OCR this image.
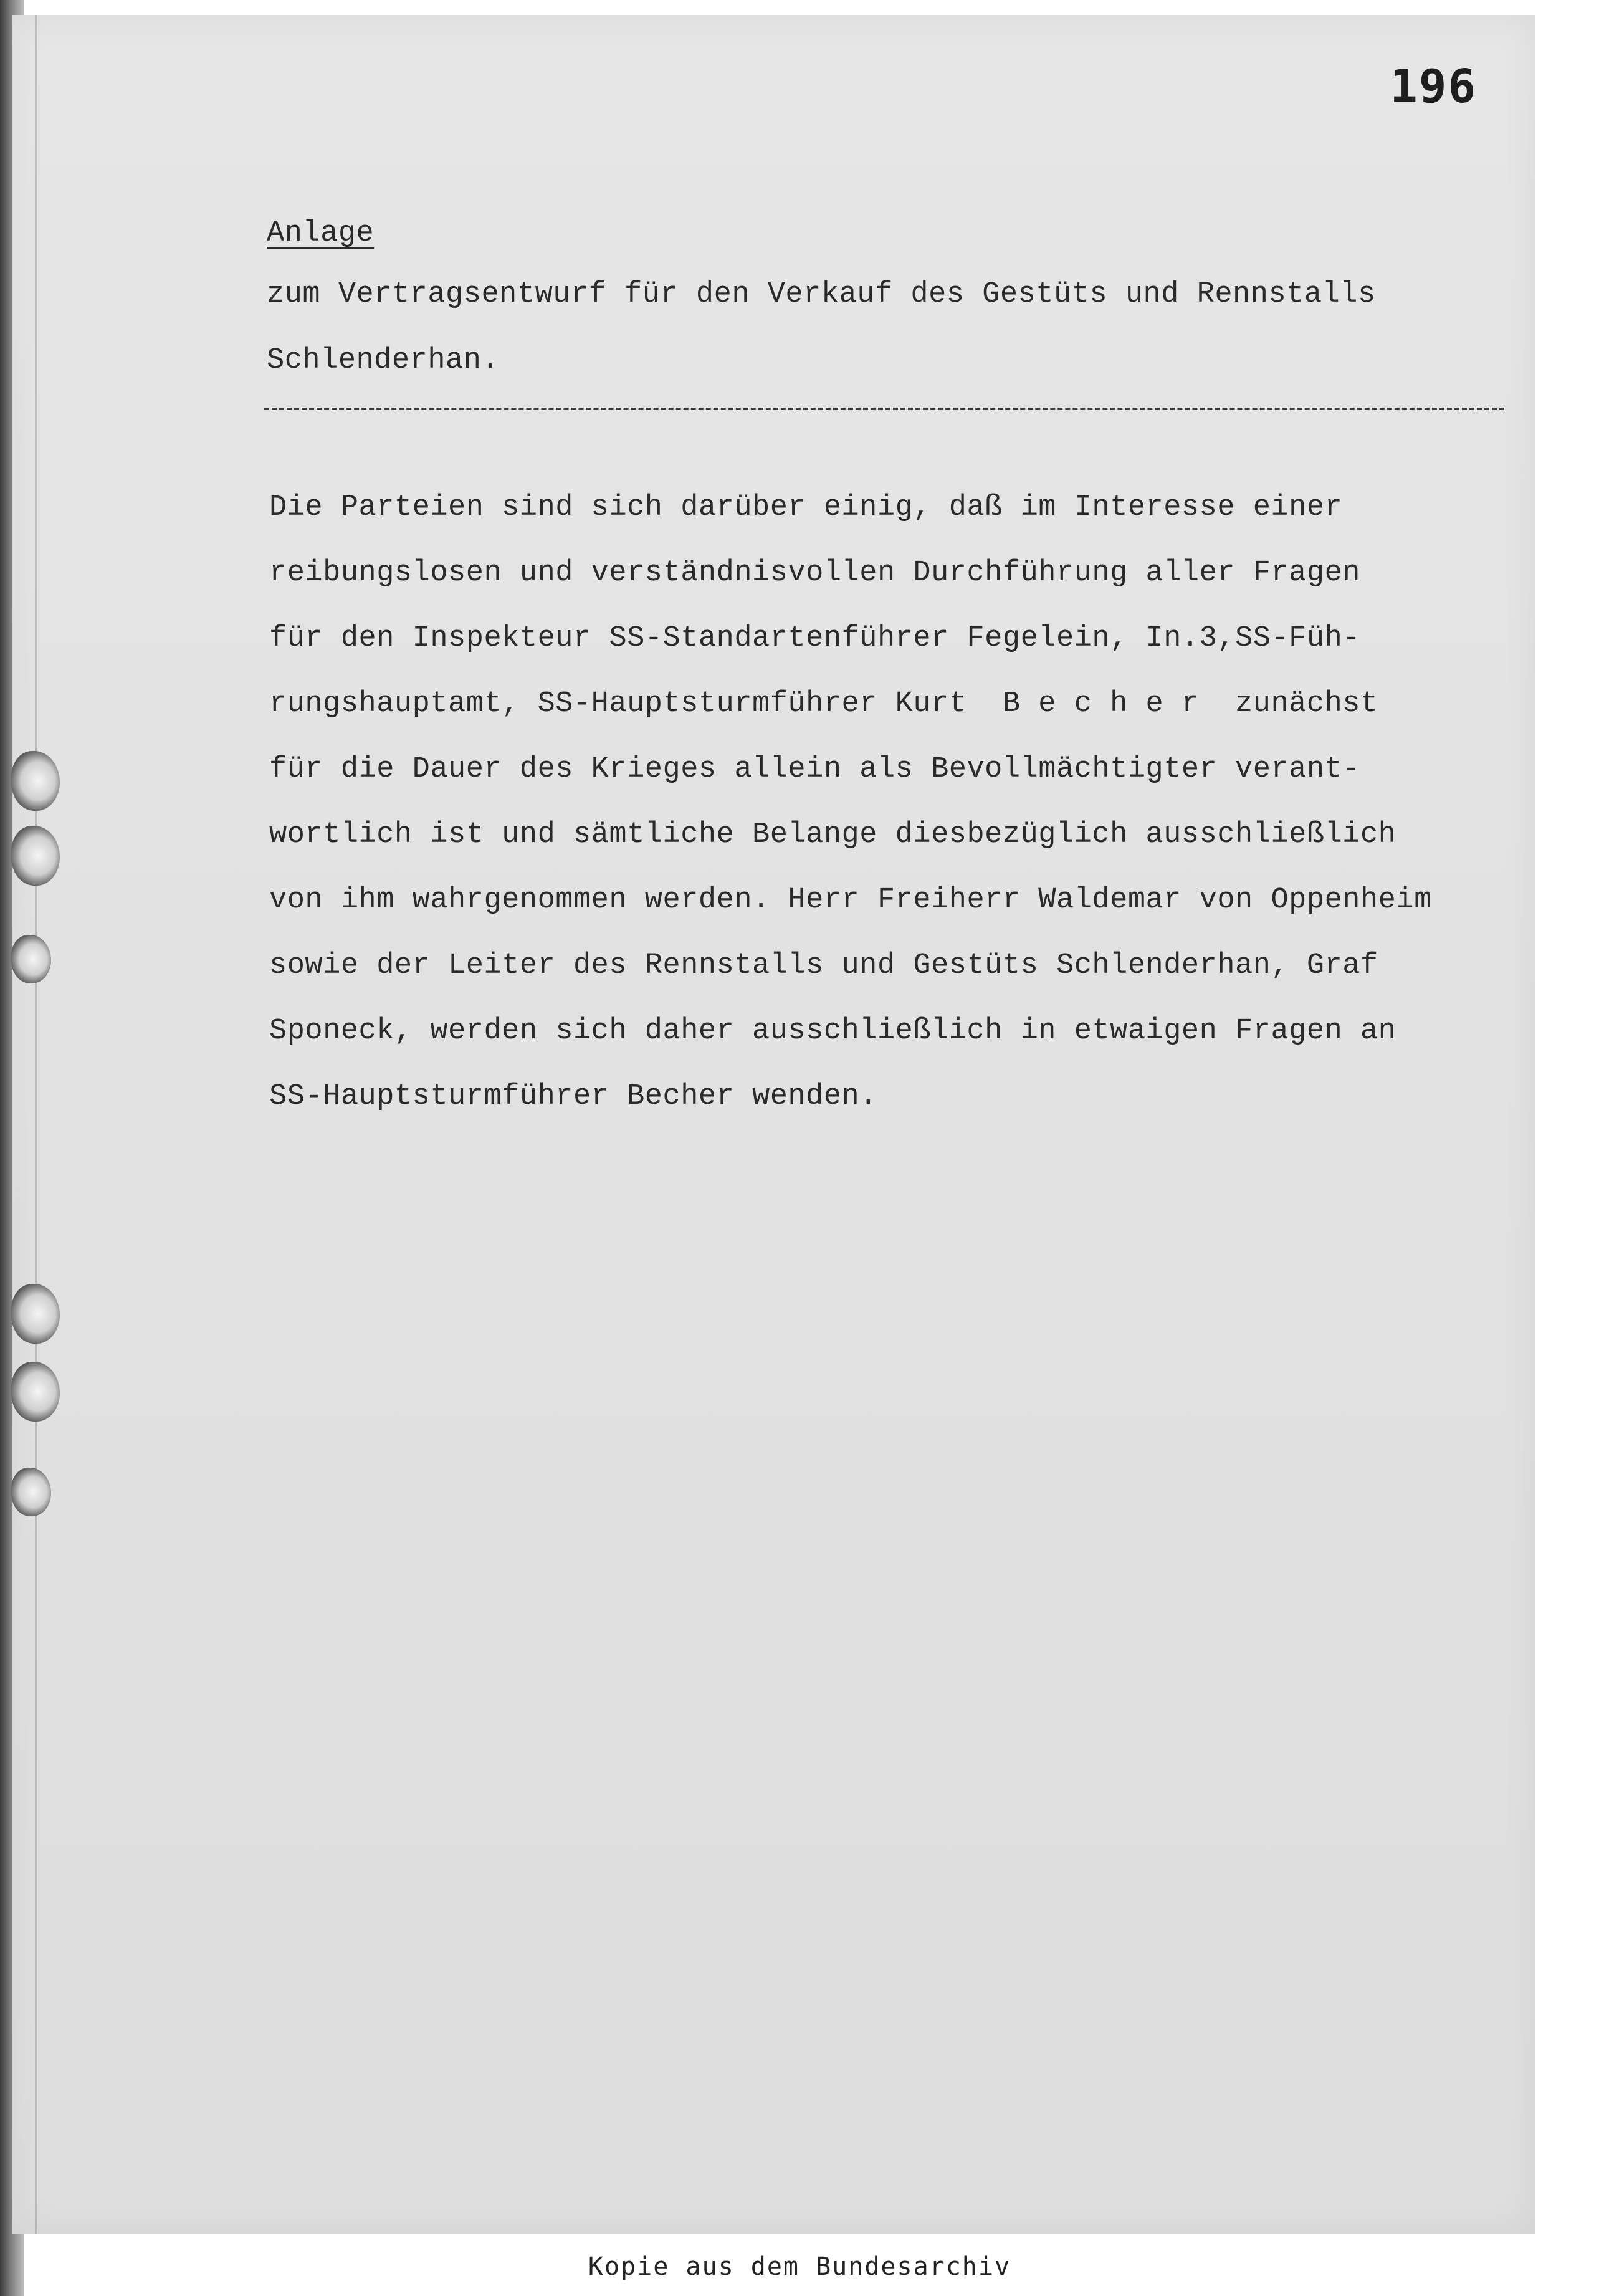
196
Anlage
zum Vertragsentwurf für den Verkauf des Gestüts und Rennstalls
Schlenderhan.
Die Parteien sind sich darüber einig, daß im Interesse einer
reibungslosen und verständnisvollen Durchführung aller Fragen
für den Inspekteur SS-Standartenführer Fegelein, In.3,SS-Füh-
rungshauptamt, SS-Hauptsturmführer Kurt  B e c h e r  zunächst
für die Dauer des Krieges allein als Bevollmächtigter verant-
wortlich ist und sämtliche Belange diesbezüglich ausschließlich
von ihm wahrgenommen werden. Herr Freiherr Waldemar von Oppenheim
sowie der Leiter des Rennstalls und Gestüts Schlenderhan, Graf
Sponeck, werden sich daher ausschließlich in etwaigen Fragen an
SS-Hauptsturmführer Becher wenden.
Kopie aus dem Bundesarchiv
